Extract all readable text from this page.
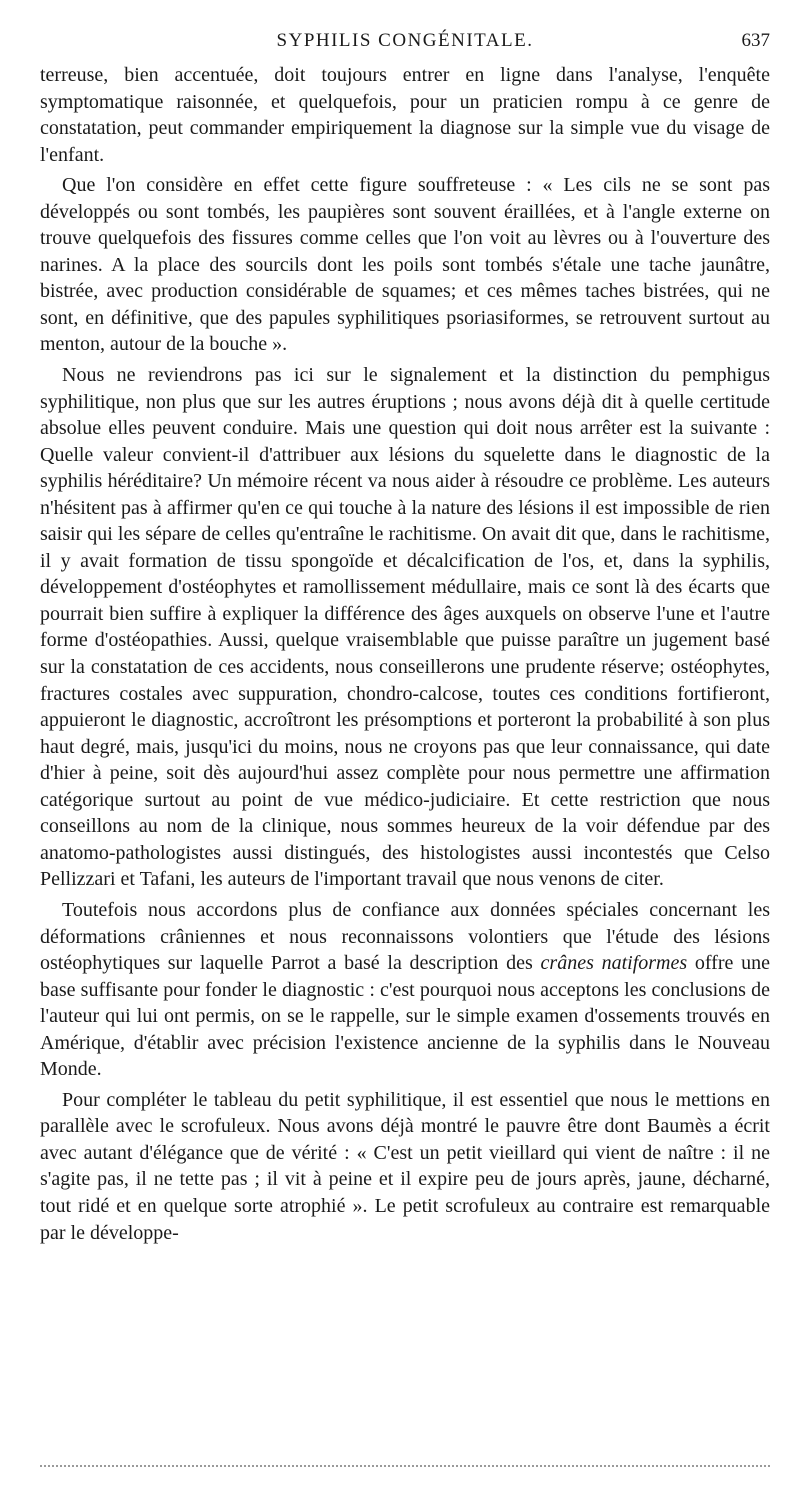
SYPHILIS CONGÉNITALE.	637

terreuse, bien accentuée, doit toujours entrer en ligne dans l'analyse, l'enquête symptomatique raisonnée, et quelquefois, pour un praticien rompu à ce genre de constatation, peut commander empiriquement la diagnose sur la simple vue du visage de l'enfant.

Que l'on considère en effet cette figure souffreteuse : « Les cils ne se sont pas développés ou sont tombés, les paupières sont souvent éraillées, et à l'angle externe on trouve quelquefois des fissures comme celles que l'on voit au lèvres ou à l'ouverture des narines. A la place des sourcils dont les poils sont tombés s'étale une tache jaunâtre, bistrée, avec production considérable de squames; et ces mêmes taches bistrées, qui ne sont, en définitive, que des papules syphilitiques psoriasiformes, se retrouvent surtout au menton, autour de la bouche ».

Nous ne reviendrons pas ici sur le signalement et la distinction du pemphigus syphilitique, non plus que sur les autres éruptions ; nous avons déjà dit à quelle certitude absolue elles peuvent conduire. Mais une question qui doit nous arrêter est la suivante : Quelle valeur convient-il d'attribuer aux lésions du squelette dans le diagnostic de la syphilis héréditaire? Un mémoire récent va nous aider à résoudre ce problème. Les auteurs n'hésitent pas à affirmer qu'en ce qui touche à la nature des lésions il est impossible de rien saisir qui les sépare de celles qu'entraîne le rachitisme. On avait dit que, dans le rachitisme, il y avait formation de tissu spongoïde et décalcification de l'os, et, dans la syphilis, développement d'ostéophytes et ramollissement médullaire, mais ce sont là des écarts que pourrait bien suffire à expliquer la différence des âges auxquels on observe l'une et l'autre forme d'ostéopathies. Aussi, quelque vraisemblable que puisse paraître un jugement basé sur la constatation de ces accidents, nous conseillerons une prudente réserve; ostéophytes, fractures costales avec suppuration, chondro-calcose, toutes ces conditions fortifieront, appuieront le diagnostic, accroîtront les présomptions et porteront la probabilité à son plus haut degré, mais, jusqu'ici du moins, nous ne croyons pas que leur connaissance, qui date d'hier à peine, soit dès aujourd'hui assez complète pour nous permettre une affirmation catégorique surtout au point de vue médico-judiciaire. Et cette restriction que nous conseillons au nom de la clinique, nous sommes heureux de la voir défendue par des anatomo-pathologistes aussi distingués, des histologistes aussi incontestés que Celso Pellizzari et Tafani, les auteurs de l'important travail que nous venons de citer.

Toutefois nous accordons plus de confiance aux données spéciales concernant les déformations crâniennes et nous reconnaissons volontiers que l'étude des lésions ostéophytiques sur laquelle Parrot a basé la description des crânes natiformes offre une base suffisante pour fonder le diagnostic : c'est pourquoi nous acceptons les conclusions de l'auteur qui lui ont permis, on se le rappelle, sur le simple examen d'ossements trouvés en Amérique, d'établir avec précision l'existence ancienne de la syphilis dans le Nouveau Monde.

Pour compléter le tableau du petit syphilitique, il est essentiel que nous le mettions en parallèle avec le scrofuleux. Nous avons déjà montré le pauvre être dont Baumès a écrit avec autant d'élégance que de vérité : « C'est un petit vieillard qui vient de naître : il ne s'agite pas, il ne tette pas ; il vit à peine et il expire peu de jours après, jaune, décharné, tout ridé et en quelque sorte atrophié ». Le petit scrofuleux au contraire est remarquable par le développe-
